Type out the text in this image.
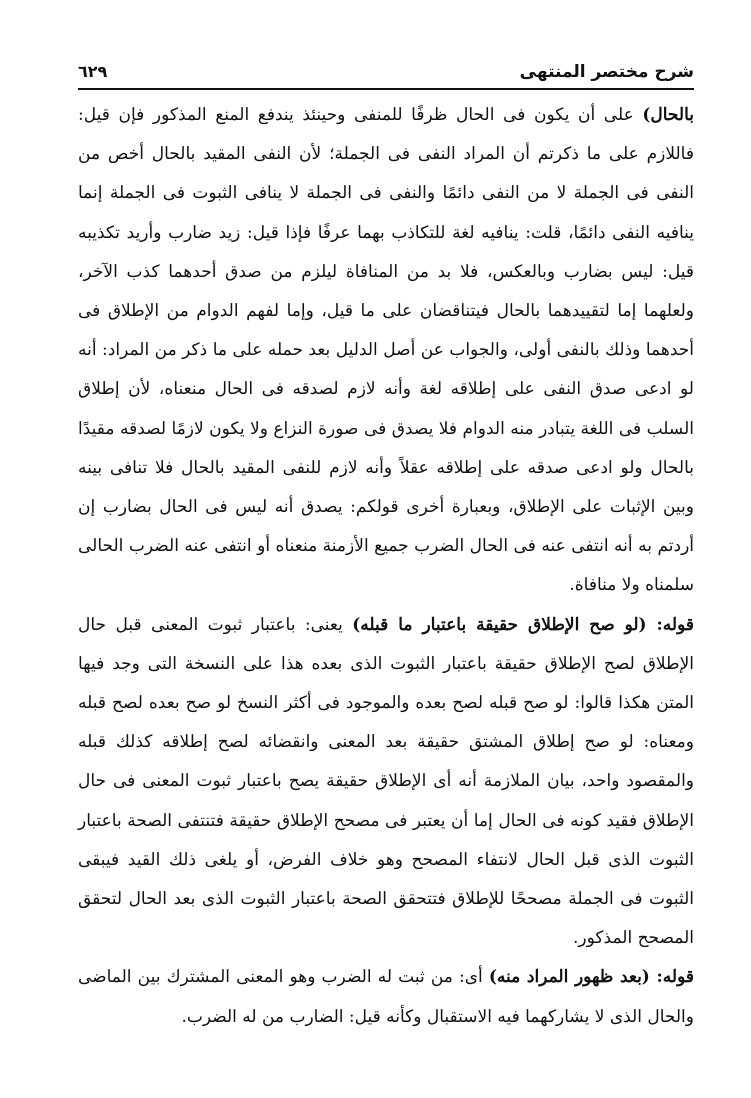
شرح مختصر المنتهى
٦٢٩

بالحال) على أن يكون فى الحال ظرفًا للمنفى وحينئذ يندفع المنع المذكور فإن قيل: فاللازم على ما ذكرتم أن المراد النفى فى الجملة؛ لأن النفى المقيد بالحال أخص من النفى فى الجملة لا من النفى دائمًا والنفى فى الجملة لا ينافى الثبوت فى الجملة إنما ينافيه النفى دائمًا، قلت: ينافيه لغة للتكاذب بهما عرفًا فإذا قيل: زيد ضارب وأريد تكذيبه قيل: ليس بضارب وبالعكس، فلا بد من المنافاة ليلزم من صدق أحدهما كذب الآخر، ولعلهما إما لتقييدهما بالحال فيتناقضان على ما قيل، وإما لفهم الدوام من الإطلاق فى أحدهما وذلك بالنفى أولى، والجواب عن أصل الدليل بعد حمله على ما ذكر من المراد: أنه لو ادعى صدق النفى على إطلاقه لغة وأنه لازم لصدقه فى الحال منعناه، لأن إطلاق السلب فى اللغة يتبادر منه الدوام فلا يصدق فى صورة النزاع ولا يكون لازمًا لصدقه مقيدًا بالحال ولو ادعى صدقه على إطلاقه عقلاً وأنه لازم للنفى المقيد بالحال فلا تنافى بينه وبين الإثبات على الإطلاق، وبعبارة أخرى قولكم: يصدق أنه ليس فى الحال بضارب إن أردتم به أنه انتفى عنه فى الحال الضرب جميع الأزمنة منعناه أو انتفى عنه الضرب الحالى سلمناه ولا منافاة.

قوله: (لو صح الإطلاق حقيقة باعتبار ما قبله) يعنى: باعتبار ثبوت المعنى قبل حال الإطلاق لصح الإطلاق حقيقة باعتبار الثبوت الذى بعده هذا على النسخة التى وجد فيها المتن هكذا قالوا: لو صح قبله لصح بعده والموجود فى أكثر النسخ لو صح بعده لصح قبله ومعناه: لو صح إطلاق المشتق حقيقة بعد المعنى وانقضائه لصح إطلاقه كذلك قبله والمقصود واحد، بيان الملازمة أنه أى الإطلاق حقيقة يصح باعتبار ثبوت المعنى فى حال الإطلاق فقيد كونه فى الحال إما أن يعتبر فى مصحح الإطلاق حقيقة فتنتفى الصحة باعتبار الثبوت الذى قبل الحال لانتفاء المصحح وهو خلاف الفرض، أو يلغى ذلك القيد فيبقى الثبوت فى الجملة مصححًا للإطلاق فتتحقق الصحة باعتبار الثبوت الذى بعد الحال لتحقق المصحح المذكور.

قوله: (بعد ظهور المراد منه) أى: من ثبت له الضرب وهو المعنى المشترك بين الماضى والحال الذى لا يشاركهما فيه الاستقبال وكأنه قيل: الضارب من له الضرب.
